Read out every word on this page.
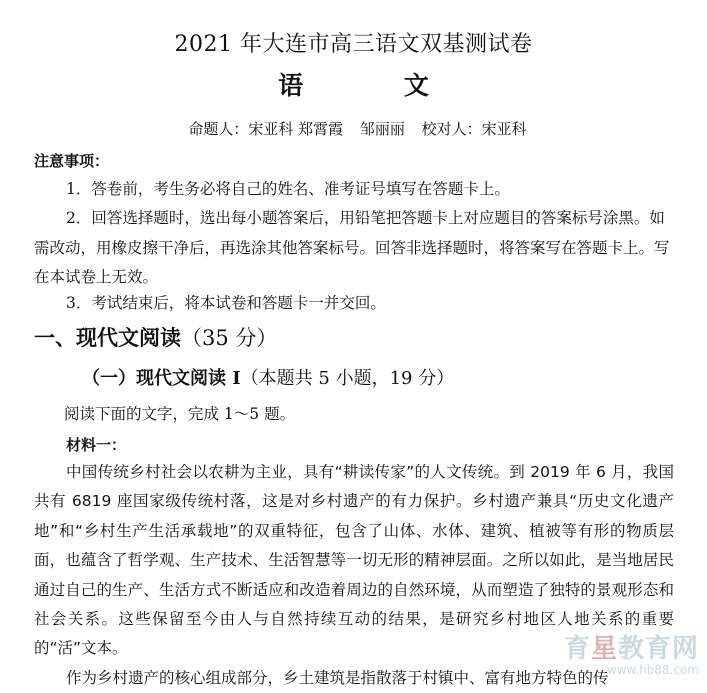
2021 年大连市高三语文双基测试卷
语 文
命题人：宋亚科 郑霄霞 邹丽丽 校对人：宋亚科
注意事项：
1．答卷前，考生务必将自己的姓名、准考证号填写在答题卡上。
2．回答选择题时，选出每小题答案后，用铅笔把答题卡上对应题目的答案标号涂黑。如需改动，用橡皮擦干净后，再选涂其他答案标号。回答非选择题时，将答案写在答题卡上。写在本试卷上无效。
3．考试结束后，将本试卷和答题卡一并交回。
一、现代文阅读（35 分）
（一）现代文阅读 I（本题共 5 小题，19 分）
阅读下面的文字，完成 1～5 题。
材料一：

中国传统乡村社会以农耕为主业，具有“耕读传家”的人文传统。到 2019 年 6 月，我国共有 6819 座国家级传统村落，这是对乡村遗产的有力保护。乡村遗产兼具“历史文化遗产地”和“乡村生产生活承载地”的双重特征，包含了山体、水体、建筑、植被等有形的物质层面，也蕴含了哲学观、生产技术、生活智慧等一切无形的精神层面。之所以如此，是当地居民通过自己的生产、生活方式不断适应和改造着周边的自然环境，从而塑造了独特的景观形态和社会关系。这些保留至今由人与自然持续互动的结果，是研究乡村地区人地关系的重要的“活”文本。

作为乡村遗产的核心组成部分，乡土建筑是指散落于村镇中、富有地方特色的传

育星教育网
www.hb88.com
